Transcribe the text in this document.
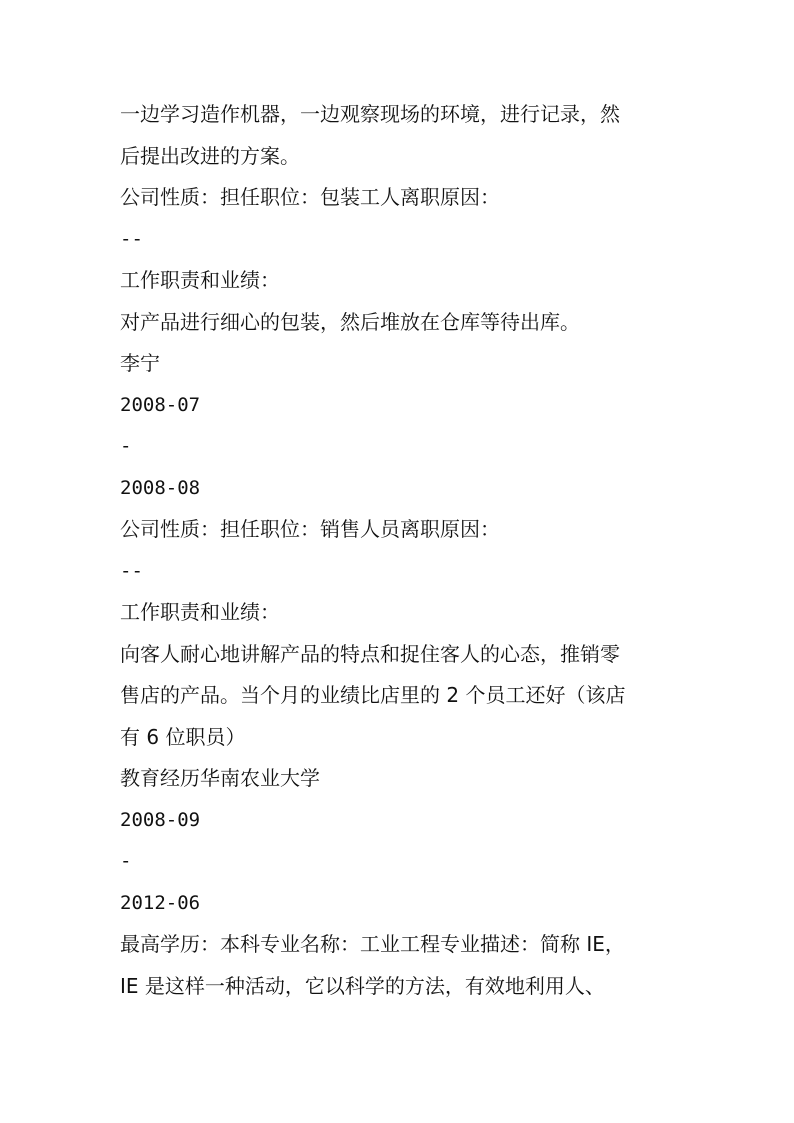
一边学习造作机器，一边观察现场的环境，进行记录，然

后提出改进的方案。

公司性质：担任职位：包装工人离职原因：

--

工作职责和业绩：

对产品进行细心的包装，然后堆放在仓库等待出库。

李宁

2008-07

-

2008-08

公司性质：担任职位：销售人员离职原因：

--

工作职责和业绩：

向客人耐心地讲解产品的特点和捉住客人的心态，推销零

售店的产品。当个月的业绩比店里的 2 个员工还好（该店

有 6 位职员）

教育经历华南农业大学

2008-09

-

2012-06

最高学历：本科专业名称：工业工程专业描述：简称 IE，

IE 是这样一种活动，它以科学的方法，有效地利用人、
